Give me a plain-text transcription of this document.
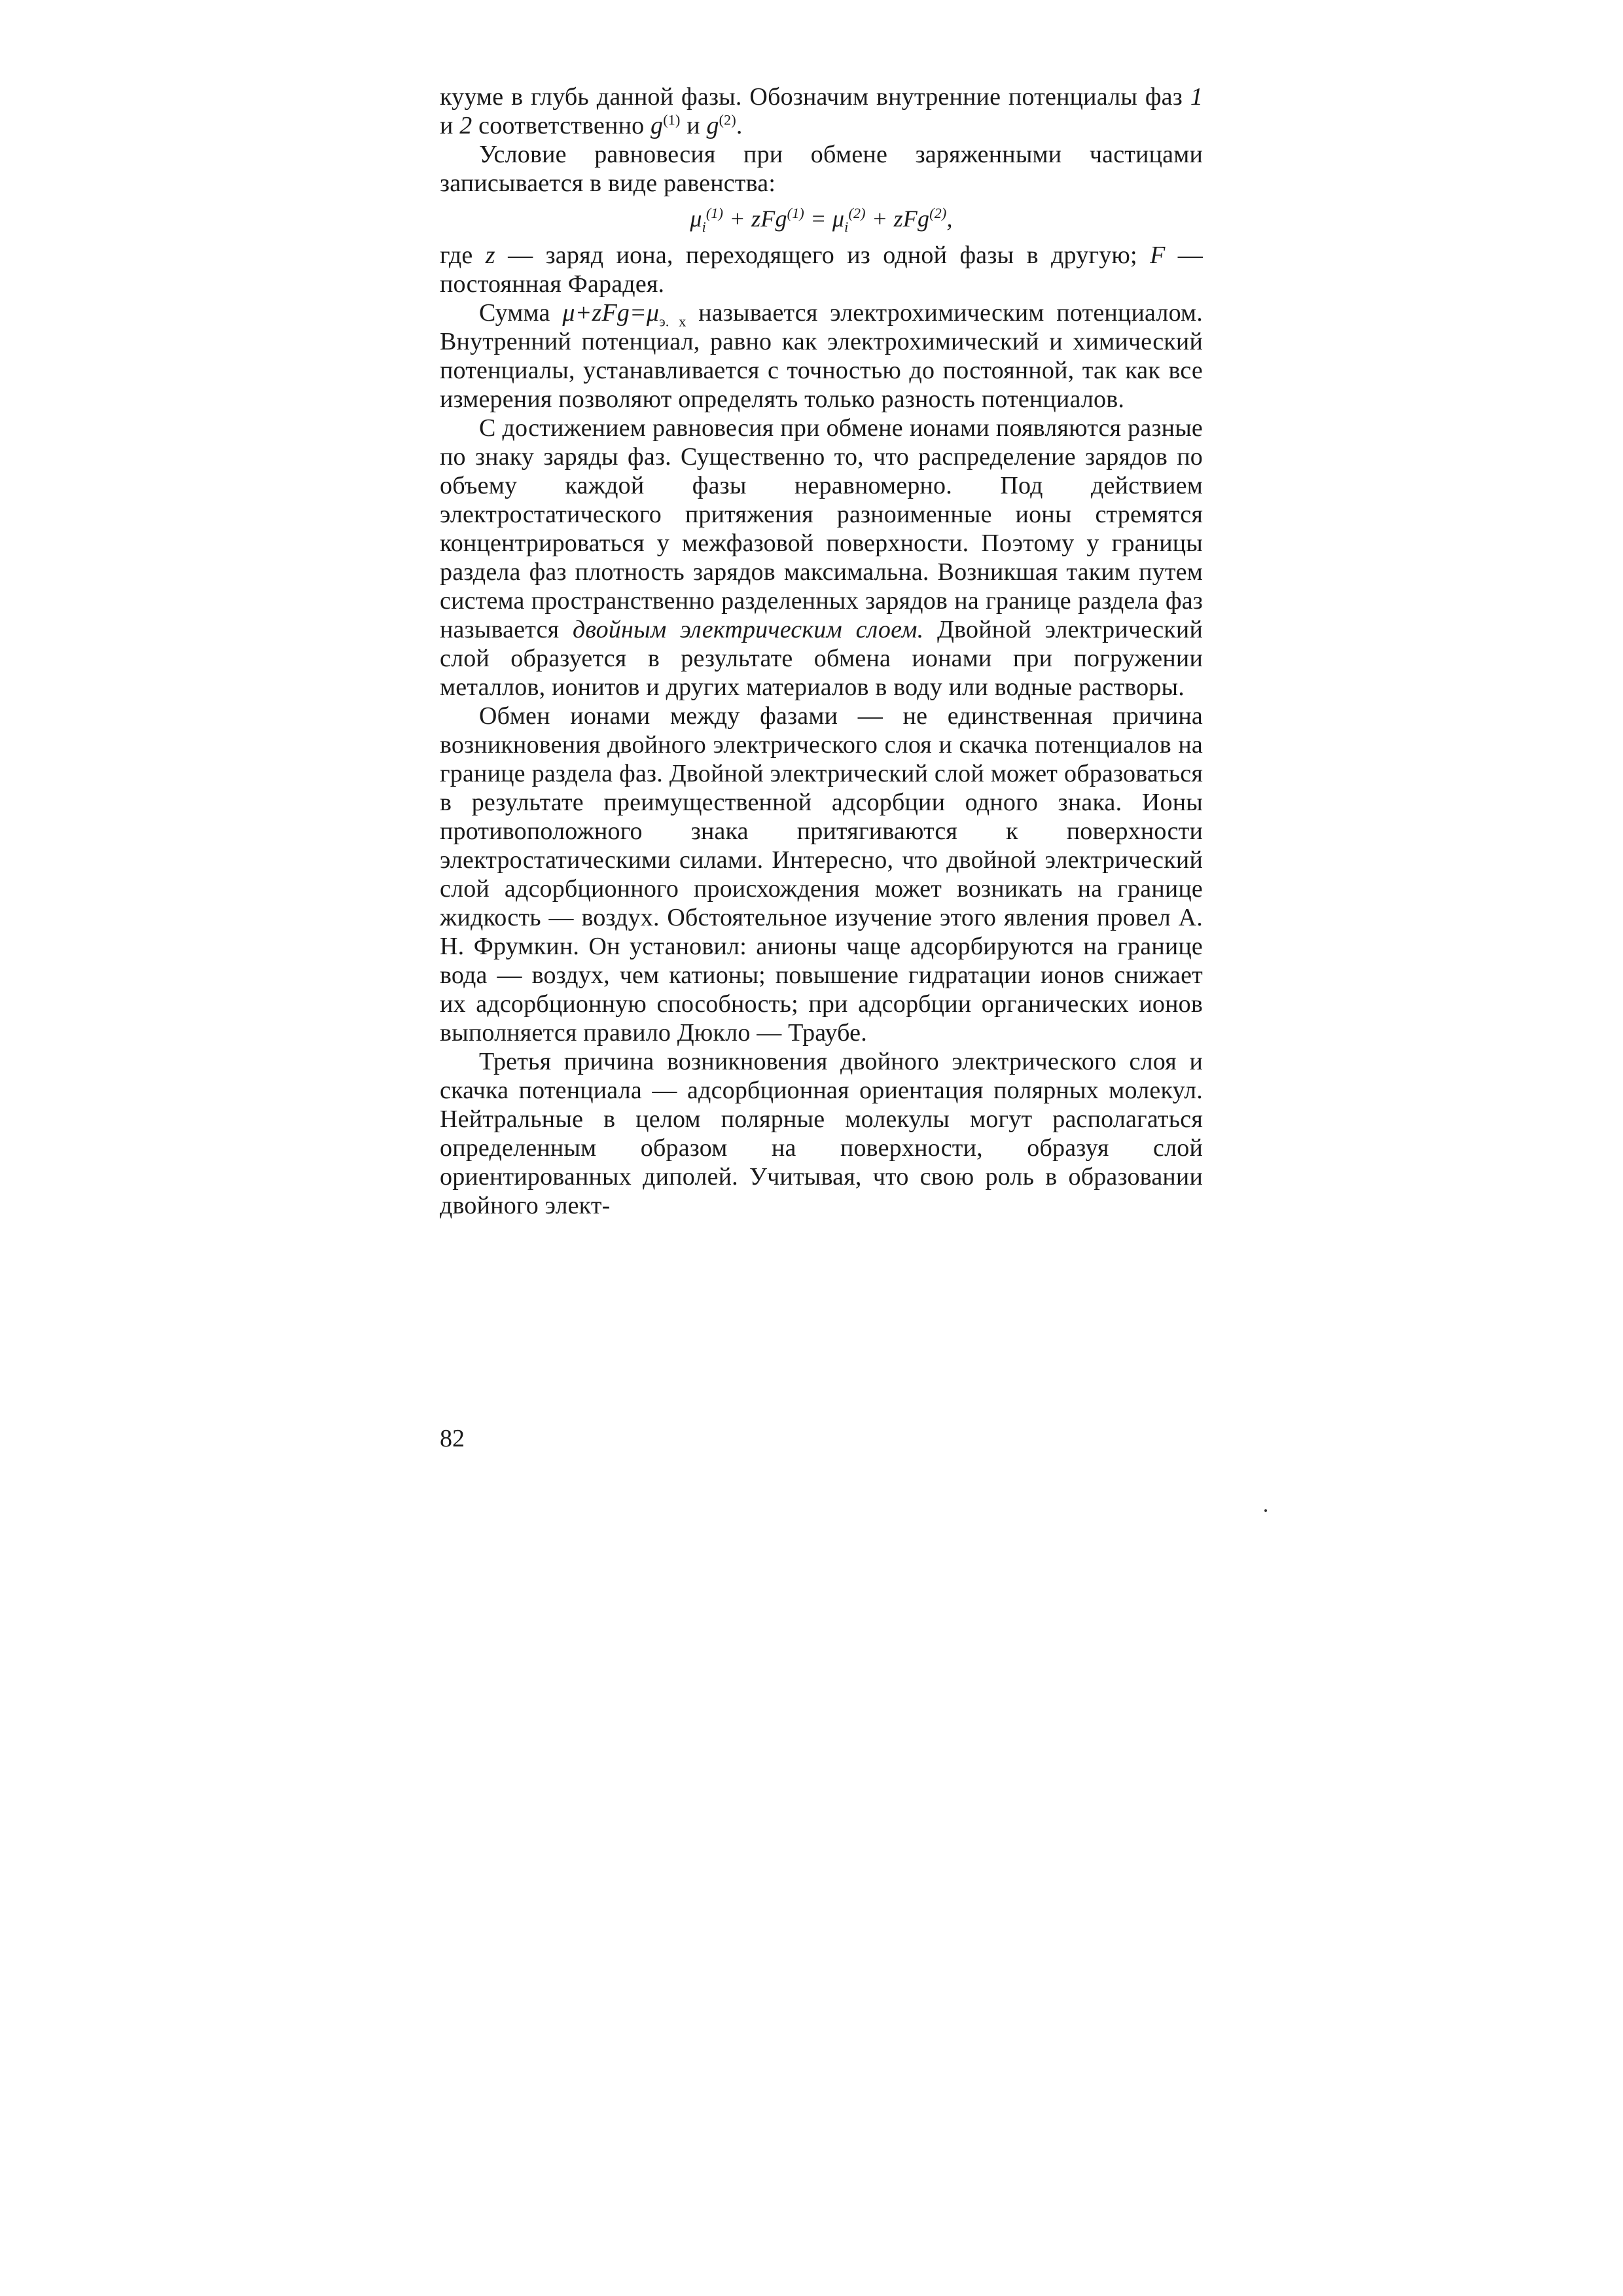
кууме в глубь данной фазы. Обозначим внутренние потенциалы фаз 1 и 2 соответственно $g^{(1)}$ и $g^{(2)}$.

Условие равновесия при обмене заряженными частицами записывается в виде равенства:

$\mu_i^{(1)} + zFg^{(1)} = \mu_i^{(2)} + zFg^{(2)}$,

где z — заряд иона, переходящего из одной фазы в другую; F — постоянная Фарадея.

Сумма $\mu+zFg=\mu_{э. х}$ называется электрохимическим потенциалом. Внутренний потенциал, равно как электрохимический и химический потенциалы, устанавливается с точностью до постоянной, так как все измерения позволяют определять только разность потенциалов.

С достижением равновесия при обмене ионами появляются разные по знаку заряды фаз. Существенно то, что распределение зарядов по объему каждой фазы неравномерно. Под действием электростатического притяжения разноименные ионы стремятся концентрироваться у межфазовой поверхности. Поэтому у границы раздела фаз плотность зарядов максимальна. Возникшая таким путем система пространственно разделенных зарядов на границе раздела фаз называется двойным электрическим слоем. Двойной электрический слой образуется в результате обмена ионами при погружении металлов, ионитов и других материалов в воду или водные растворы.

Обмен ионами между фазами — не единственная причина возникновения двойного электрического слоя и скачка потенциалов на границе раздела фаз. Двойной электрический слой может образоваться в результате преимущественной адсорбции одного знака. Ионы противоположного знака притягиваются к поверхности электростатическими силами. Интересно, что двойной электрический слой адсорбционного происхождения может возникать на границе жидкость — воздух. Обстоятельное изучение этого явления провел А. Н. Фрумкин. Он установил: анионы чаще адсорбируются на границе вода — воздух, чем катионы; повышение гидратации ионов снижает их адсорбционную способность; при адсорбции органических ионов выполняется правило Дюкло — Траубе.

Третья причина возникновения двойного электрического слоя и скачка потенциала — адсорбционная ориентация полярных молекул. Нейтральные в целом полярные молекулы могут располагаться определенным образом на поверхности, образуя слой ориентированных диполей. Учитывая, что свою роль в образовании двойного элект-

82
